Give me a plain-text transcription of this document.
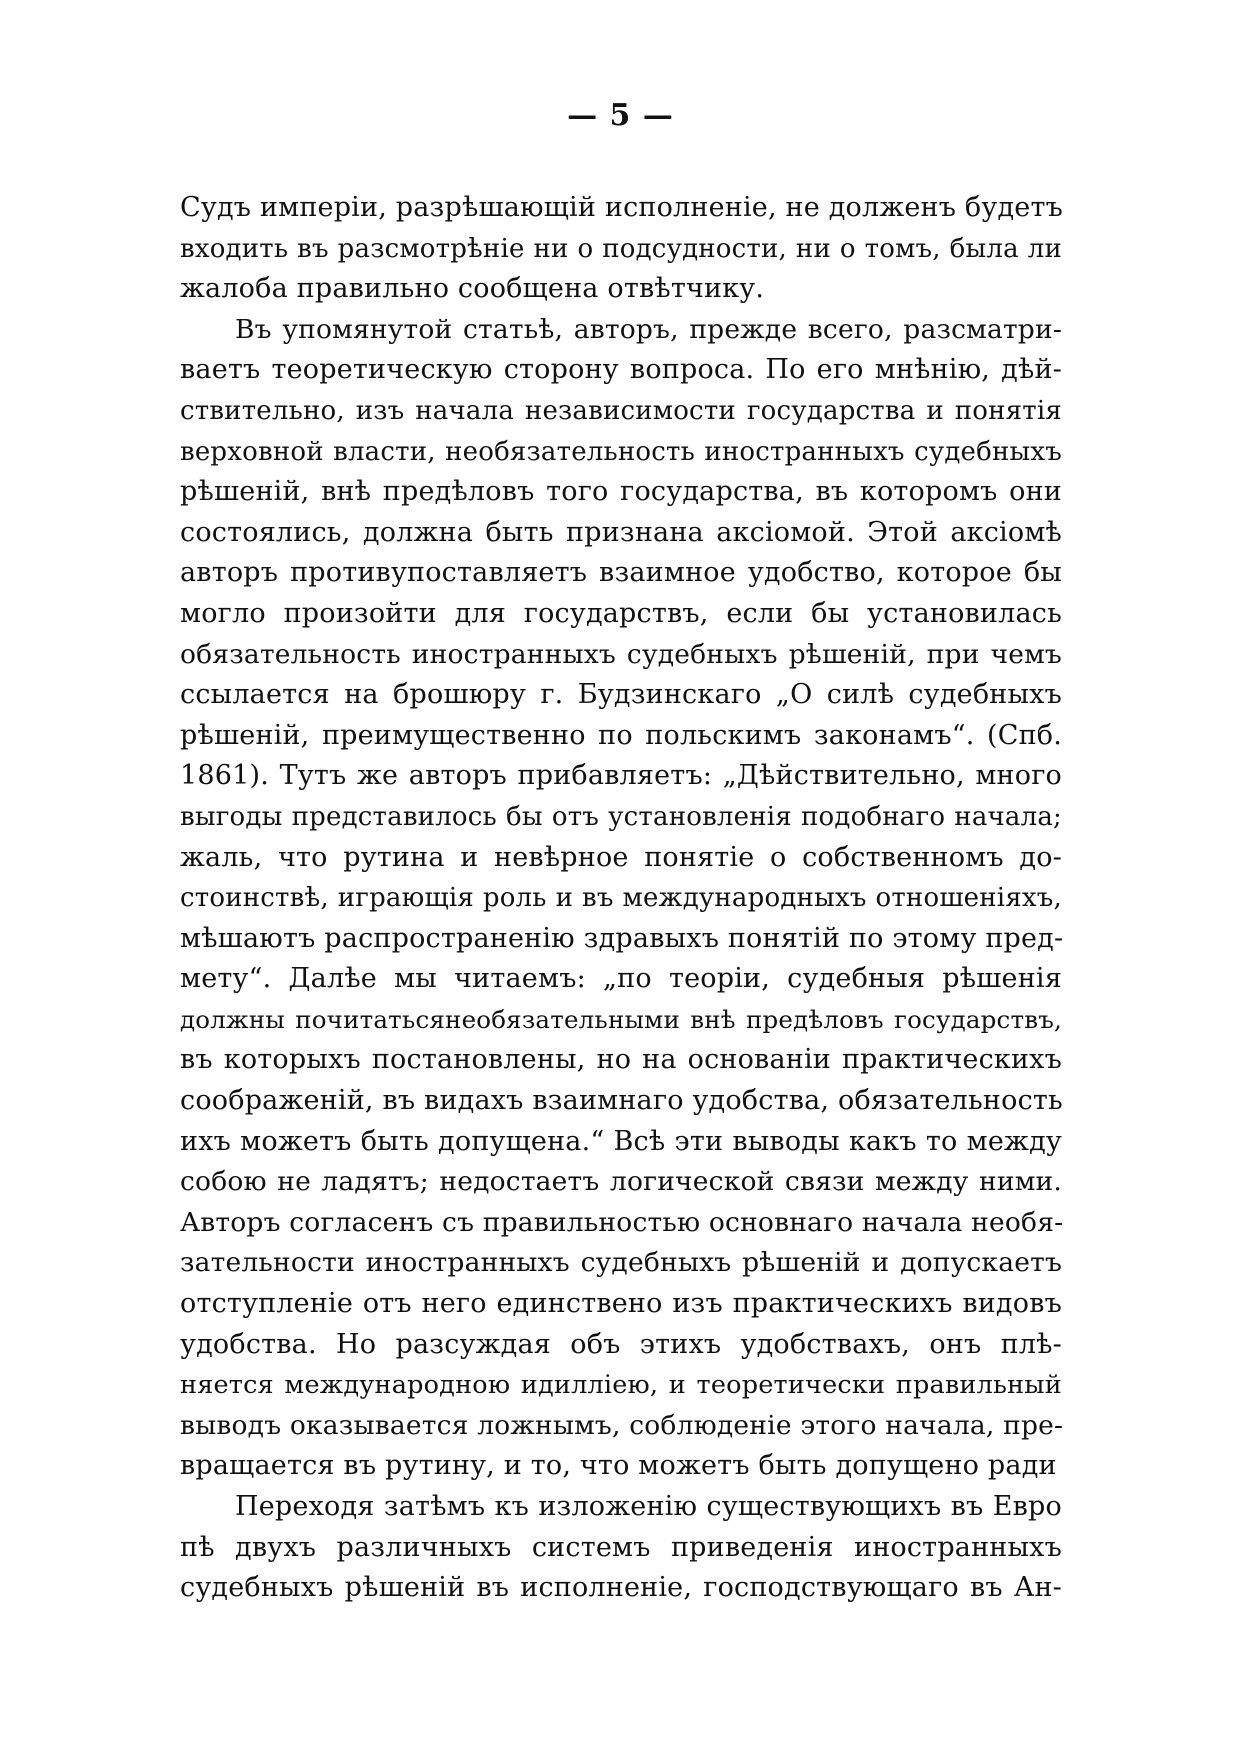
— 5 —
Судъ имперіи, разрѣшающій исполненіе, не долженъ будетъ
входить въ разсмотрѣніе ни о подсудности, ни о томъ, была ли
жалоба правильно сообщена отвѣтчику.
Въ упомянутой статьѣ, авторъ, прежде всего, разсматри-
ваетъ теоретическую сторону вопроса. По его мнѣнію, дѣй-
ствительно, изъ начала независимости государства и понятія
верховной власти, необязательность иностранныхъ судебныхъ
рѣшеній, внѣ предѣловъ того государства, въ которомъ они
состоялись, должна быть признана аксіомой. Этой аксіомѣ
авторъ противупоставляетъ взаимное удобство, которое бы
могло произойти для государствъ, если бы установилась
обязательность иностранныхъ судебныхъ рѣшеній, при чемъ
ссылается на брошюру г. Будзинскаго „О силѣ судебныхъ
рѣшеній, преимущественно по польскимъ законамъ“. (Спб.
1861). Тутъ же авторъ прибавляетъ: „Дѣйствительно, много
выгоды представилось бы отъ установленія подобнаго начала;
жаль, что рутина и невѣрное понятіе о собственномъ до-
стоинствѣ, играющія роль и въ международныхъ отношеніяхъ,
мѣшаютъ распространенію здравыхъ понятій по этому пред-
мету“. Далѣе мы читаемъ: „по теоріи, судебныя рѣшенія
должны почитатьсянеобязательными внѣ предѣловъ государствъ,
въ которыхъ постановлены, но на основаніи практическихъ
соображеній, въ видахъ взаимнаго удобства, обязательность
ихъ можетъ быть допущена.“ Всѣ эти выводы какъ то между
собою не ладятъ; недостаетъ логической связи между ними.
Авторъ согласенъ съ правильностью основнаго начала необя-
зательности иностранныхъ судебныхъ рѣшеній и допускаетъ
отступленіе отъ него единствено изъ практическихъ видовъ
удобства. Но разсуждая объ этихъ удобствахъ, онъ плѣ-
няется международною идилліею, и теоретически правильный
выводъ оказывается ложнымъ, соблюденіе этого начала, пре-
вращается въ рутину, и то, что можетъ быть допущено ради
Переходя затѣмъ къ изложенію существующихъ въ Евро
пѣ двухъ различныхъ системъ приведенія иностранныхъ
судебныхъ рѣшеній въ исполненіе, господствующаго въ Ан-
